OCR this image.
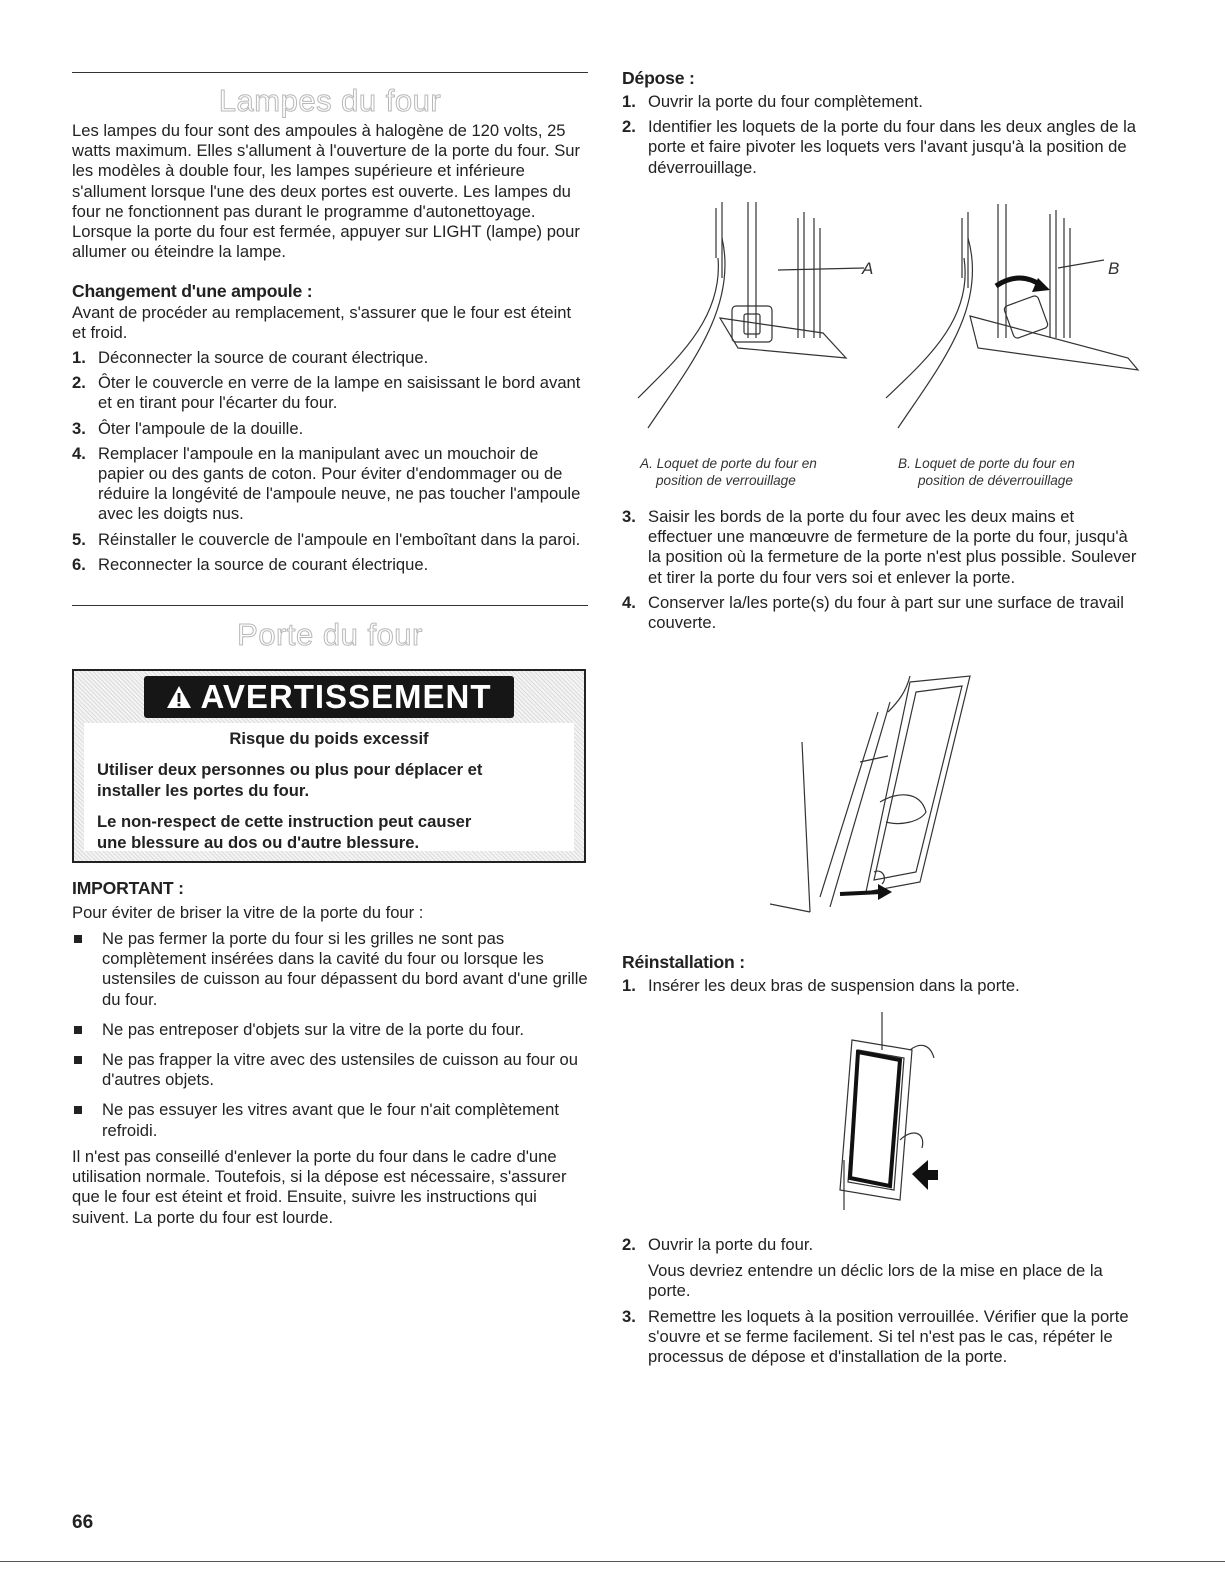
Lampes du four

Les lampes du four sont des ampoules à halogène de 120 volts, 25 watts maximum. Elles s'allument à l'ouverture de la porte du four. Sur les modèles à double four, les lampes supérieure et inférieure s'allument lorsque l'une des deux portes est ouverte. Les lampes du four ne fonctionnent pas durant le programme d'autonettoyage. Lorsque la porte du four est fermée, appuyer sur LIGHT (lampe) pour allumer ou éteindre la lampe.

Changement d'une ampoule :

Avant de procéder au remplacement, s'assurer que le four est éteint et froid.

1. Déconnecter la source de courant électrique.
2. Ôter le couvercle en verre de la lampe en saisissant le bord avant et en tirant pour l'écarter du four.
3. Ôter l'ampoule de la douille.
4. Remplacer l'ampoule en la manipulant avec un mouchoir de papier ou des gants de coton. Pour éviter d'endommager ou de réduire la longévité de l'ampoule neuve, ne pas toucher l'ampoule avec les doigts nus.
5. Réinstaller le couvercle de l'ampoule en l'emboîtant dans la paroi.
6. Reconnecter la source de courant électrique.
Porte du four
AVERTISSEMENT
Risque du poids excessif
Utiliser deux personnes ou plus pour déplacer et
installer les portes du four.
Le non-respect de cette instruction peut causer
une blessure au dos ou d'autre blessure.

IMPORTANT :

Pour éviter de briser la vitre de la porte du four :

Ne pas fermer la porte du four si les grilles ne sont pas complètement insérées dans la cavité du four ou lorsque les ustensiles de cuisson au four dépassent du bord avant d'une grille du four.
Ne pas entreposer d'objets sur la vitre de la porte du four.
Ne pas frapper la vitre avec des ustensiles de cuisson au four ou d'autres objets.
Ne pas essuyer les vitres avant que le four n'ait complètement refroidi.

Il n'est pas conseillé d'enlever la porte du four dans le cadre d'une utilisation normale. Toutefois, si la dépose est nécessaire, s'assurer que le four est éteint et froid. Ensuite, suivre les instructions qui suivent. La porte du four est lourde.

Dépose :

1. Ouvrir la porte du four complètement.
2. Identifier les loquets de la porte du four dans les deux angles de la porte et faire pivoter les loquets vers l'avant jusqu'à la position de déverrouillage.
A	B
A. Loquet de porte du four en
position de verrouillage
B. Loquet de porte du four en
position de déverrouillage
3. Saisir les bords de la porte du four avec les deux mains et effectuer une manœuvre de fermeture de la porte du four, jusqu'à la position où la fermeture de la porte n'est plus possible. Soulever et tirer la porte du four vers soi et enlever la porte.
4. Conserver la/les porte(s) du four à part sur une surface de travail couverte.

Réinstallation :

1. Insérer les deux bras de suspension dans la porte.
2. Ouvrir la porte du four.
Vous devriez entendre un déclic lors de la mise en place de la porte.
3. Remettre les loquets à la position verrouillée. Vérifier que la porte s'ouvre et se ferme facilement. Si tel n'est pas le cas, répéter le processus de dépose et d'installation de la porte.
66
